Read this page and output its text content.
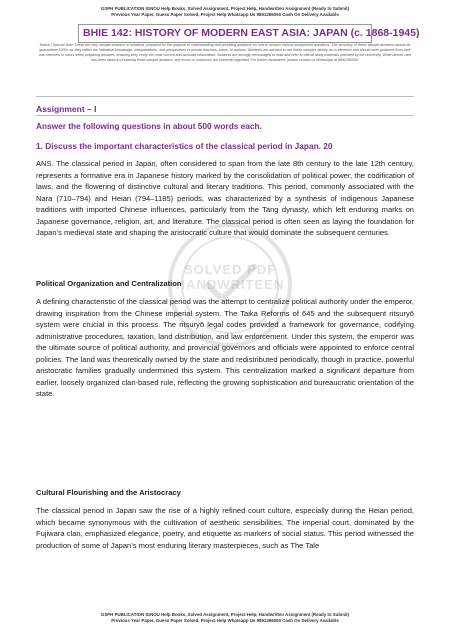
GSPH PUBLICATION IGNOU Help Books, Solved Assignment, Project Help, Handwritten Assignment (Ready to Submit)
Previous Year Paper, Guess Paper Solved, Project Help Whatsapp Us 9891286050 Cash On Delivery Available
BHIE 142: HISTORY OF MODERN EAST ASIA: JAPAN (c. 1868-1945)
Notice / Special Note These are only sample answers or solutions, prepared for the purpose of understanding and providing guidance on how to answer various assignment questions. The accuracy of these sample answers cannot be guaranteed 100%, as they reflect the individual knowledge, interpretations, and perspectives of private teachers, tutors, or authors. Students are advised to use these samples strictly as a reference and should seek guidance from their own teachers or tutors when preparing answers, ensuring they verify the most current and accurate information. Students are strongly encouraged to read and refer to official study materials provided by the university. While utmost care has been taken in preparing these sample answers, any errors or omissions are sincerely regretted. For further assistance, please contact us WhatsApp at 9891286050.
Assignment – I
Answer the following questions in about 500 words each.
1. Discuss the important characteristics of the classical period in Japan. 20
SOLVED PDF
HANDWRITEEN
ANS. The classical period in Japan, often considered to span from the late 8th century to the late 12th century, represents a formative era in Japanese history marked by the consolidation of political power, the codification of laws, and the flowering of distinctive cultural and literary traditions. This period, commonly associated with the Nara (710–794) and Heian (794–1185) periods, was characterized by a synthesis of indigenous Japanese traditions with imported Chinese influences, particularly from the Tang dynasty, which left enduring marks on Japanese governance, religion, art, and literature. The classical period is often seen as laying the foundation for Japan’s medieval state and shaping the aristocratic culture that would dominate the subsequent centuries.
Political Organization and Centralization
A defining characteristic of the classical period was the attempt to centralize political authority under the emperor, drawing inspiration from the Chinese imperial system. The Taika Reforms of 645 and the subsequent ritsuryō system were crucial in this process. The ritsuryō legal codes provided a framework for governance, codifying administrative procedures, taxation, land distribution, and law enforcement. Under this system, the emperor was the ultimate source of political authority, and provincial governors and officials were appointed to enforce central policies. The land was theoretically owned by the state and redistributed periodically, though in practice, powerful aristocratic families gradually undermined this system. This centralization marked a significant departure from earlier, loosely organized clan-based rule, reflecting the growing sophistication and bureaucratic orientation of the state.
Cultural Flourishing and the Aristocracy
The classical period in Japan saw the rise of a highly refined court culture, especially during the Heian period, which became synonymous with the cultivation of aesthetic sensibilities. The imperial court, dominated by the Fujiwara clan, emphasized elegance, poetry, and etiquette as markers of social status. This period witnessed the production of some of Japan’s most enduring literary masterpieces, such as The Tale
GSPH PUBLICATION IGNOU Help Books, Solved Assignment, Project Help, Handwritten Assignment (Ready to Submit)
Previous Year Paper, Guess Paper Solved, Project Help Whatsapp Us 9891286050 Cash On Delivery Available
